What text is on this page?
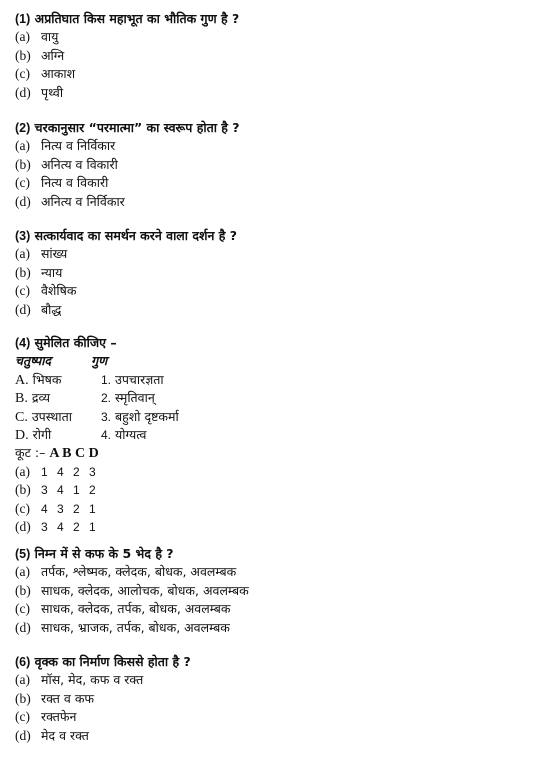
(1) अप्रतिघात किस महाभूत का भौतिक गुण है ?
(a) वायु
(b) अग्नि
(c) आकाश
(d) पृथ्वी
(2) चरकानुसार “परमात्मा” का स्वरूप होता है ?
(a) नित्य व निर्विकार
(b) अनित्य व विकारी
(c) नित्य व विकारी
(d) अनित्य व निर्विकार
(3) सत्कार्यवाद का समर्थन करने वाला दर्शन है ?
(a) सांख्य
(b) न्याय
(c) वैशेषिक
(d) बौद्ध
(4) सुमेलित कीजिए –
चतुष्पाद	गुण
A. भिषक	1. उपचारज्ञता
B. द्रव्य	2. स्मृतिवान्
C. उपस्थाता 3. बहुशो दृष्टकर्मा
D. रोगी	4. योग्यत्व
कूट :– A B C D
(a) 1 4 2 3
(b) 3 4 1 2
(c) 4 3 2 1
(d) 3 4 2 1
(5) निम्न में से कफ के 5 भेद है ?
(a) तर्पक, श्लेष्मक, क्लेदक, बोधक, अवलम्बक
(b) साधक, क्लेदक, आलोचक, बोधक, अवलम्बक
(c) साधक, क्लेदक, तर्पक, बोधक, अवलम्बक
(d) साधक, भ्राजक, तर्पक, बोधक, अवलम्बक
(6) वृक्क का निर्माण किससे होता है ?
(a) मॉस, मेद, कफ व रक्त
(b) रक्त व कफ
(c) रक्तफेन
(d) मेद व रक्त
